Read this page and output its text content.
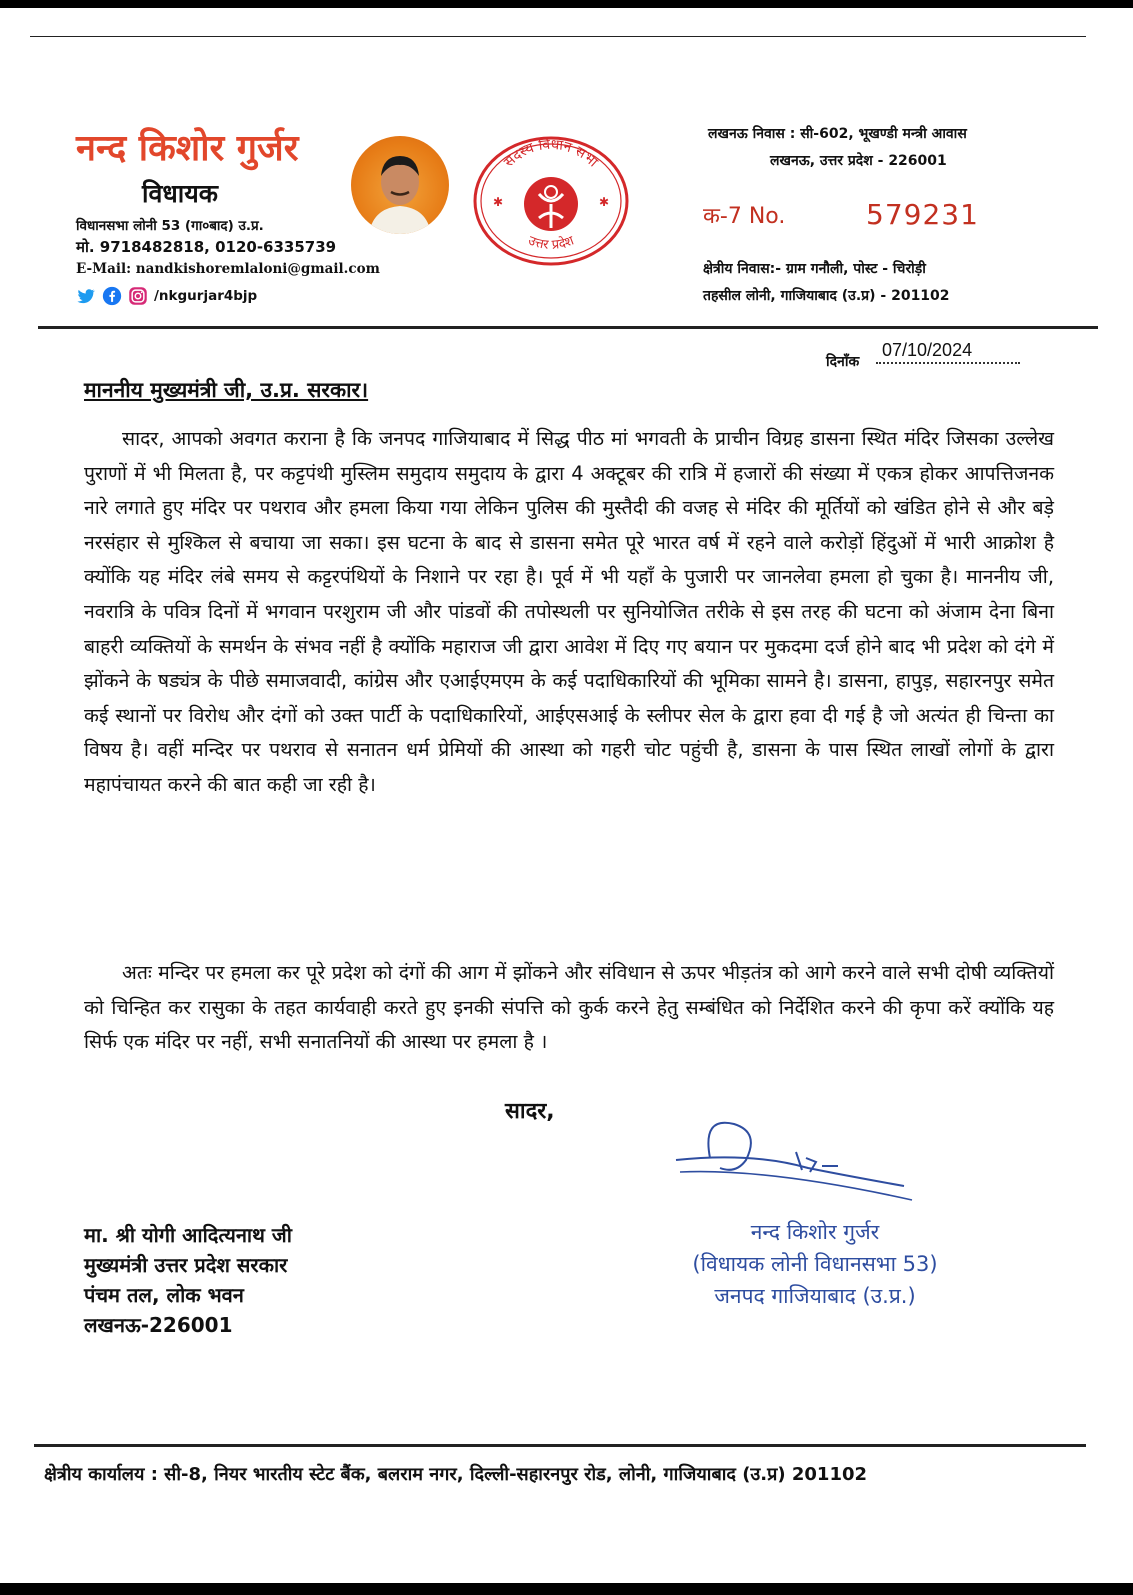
नन्द किशोर गुर्जर
विधायक
विधानसभा लोनी 53 (गा०बाद) उ.प्र.
मो. 9718482818, 0120-6335739
E-Mail: nandkishoremlaloni@gmail.com
/nkgurjar4bjp
सदस्य विधान सभा
उत्तर प्रदेश
✱	✱
लखनऊ निवास : सी-602, भूखण्डी मन्त्री आवास
लखनऊ, उत्तर प्रदेश - 226001
क-7 No.	579231
क्षेत्रीय निवास:- ग्राम गनौली, पोस्ट - चिरोड़ी
तहसील लोनी, गाजियाबाद (उ.प्र) - 201102
दिनाँक
07/10/2024
माननीय मुख्यमंत्री जी, उ.प्र. सरकार।

सादर, आपको अवगत कराना है कि जनपद गाजियाबाद में सिद्ध पीठ मां भगवती के प्राचीन विग्रह डासना स्थित मंदिर जिसका उल्लेख पुराणों में भी मिलता है, पर कट्टपंथी मुस्लिम समुदाय समुदाय के द्वारा 4 अक्टूबर की रात्रि में हजारों की संख्या में एकत्र होकर आपत्तिजनक नारे लगाते हुए मंदिर पर पथराव और हमला किया गया लेकिन पुलिस की मुस्तैदी की वजह से मंदिर की मूर्तियों को खंडित होने से और बड़े नरसंहार से मुश्किल से बचाया जा सका। इस घटना के बाद से डासना समेत पूरे भारत वर्ष में रहने वाले करोड़ों हिंदुओं में भारी आक्रोश है क्योंकि यह मंदिर लंबे समय से कट्टरपंथियों के निशाने पर रहा है। पूर्व में भी यहाँ के पुजारी पर जानलेवा हमला हो चुका है। माननीय जी, नवरात्रि के पवित्र दिनों में भगवान परशुराम जी और पांडवों की तपोस्थली पर सुनियोजित तरीके से इस तरह की घटना को अंजाम देना बिना बाहरी व्यक्तियों के समर्थन के संभव नहीं है क्योंकि महाराज जी द्वारा आवेश में दिए गए बयान पर मुकदमा दर्ज होने बाद भी प्रदेश को दंगे में झोंकने के षड्यंत्र के पीछे समाजवादी, कांग्रेस और एआईएमएम के कई पदाधिकारियों की भूमिका सामने है। डासना, हापुड़, सहारनपुर समेत कई स्थानों पर विरोध और दंगों को उक्त पार्टी के पदाधिकारियों, आईएसआई के स्लीपर सेल के द्वारा हवा दी गई है जो अत्यंत ही चिन्ता का विषय है। वहीं मन्दिर पर पथराव से सनातन धर्म प्रेमियों की आस्था को गहरी चोट पहुंची है, डासना के पास स्थित लाखों लोगों के द्वारा महापंचायत करने की बात कही जा रही है।

अतः मन्दिर पर हमला कर पूरे प्रदेश को दंगों की आग में झोंकने और संविधान से ऊपर भीड़तंत्र को आगे करने वाले सभी दोषी व्यक्तियों को चिन्हित कर रासुका के तहत कार्यवाही करते हुए इनकी संपत्ति को कुर्क करने हेतु सम्बंधित को निर्देशित करने की कृपा करें क्योंकि यह सिर्फ एक मंदिर पर नहीं, सभी सनातनियों की आस्था पर हमला है ।

सादर,
मा. श्री योगी आदित्यनाथ जी
मुख्यमंत्री उत्तर प्रदेश सरकार
पंचम तल, लोक भवन
लखनऊ-226001
नन्द किशोर गुर्जर
(विधायक लोनी विधानसभा 53)
जनपद गाजियाबाद (उ.प्र.)
क्षेत्रीय कार्यालय : सी-8, नियर भारतीय स्टेट बैंक, बलराम नगर, दिल्ली-सहारनपुर रोड, लोनी, गाजियाबाद (उ.प्र) 201102
